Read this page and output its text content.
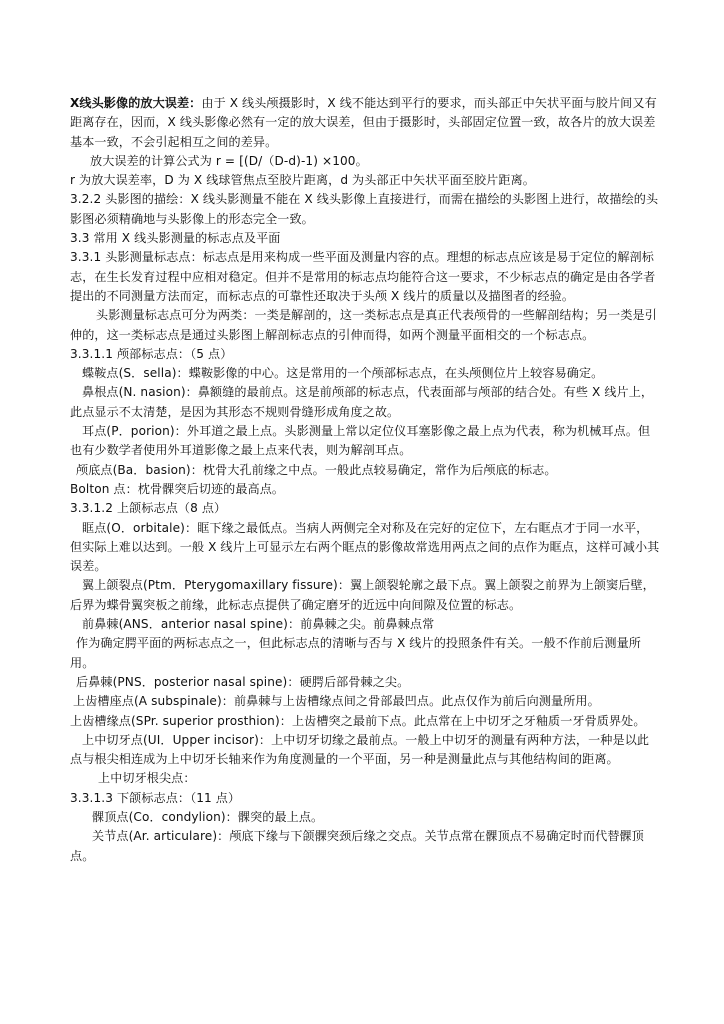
X线头影像的放大误差：由于 X 线头颅摄影时，X 线不能达到平行的要求，而头部正中矢状平面与胶片间又有距离存在，因而，X 线头影像必然有一定的放大误差，但由于摄影时，头部固定位置一致，故各片的放大误差基本一致，不会引起相互之间的差异。

放大误差的计算公式为 r = [(D/（D-d)-1) ×100。

r 为放大误差率，D 为 X 线球管焦点至胶片距离，d 为头部正中矢状平面至胶片距离。

3.2.2 头影图的描绘：X 线头影测量不能在 X 线头影像上直接进行，而需在描绘的头影图上进行，故描绘的头影图必须精确地与头影像上的形态完全一致。

3.3 常用 X 线头影测量的标志点及平面

3.3.1 头影测量标志点：标志点是用来构成一些平面及测量内容的点。理想的标志点应该是易于定位的解剖标志，在生长发育过程中应相对稳定。但并不是常用的标志点均能符合这一要求，不少标志点的确定是由各学者提出的不同测量方法而定，而标志点的可靠性还取决于头颅 X 线片的质量以及描图者的经验。

头影测量标志点可分为两类：一类是解剖的，这一类标志点是真正代表颅骨的一些解剖结构；另一类是引伸的，这一类标志点是通过头影图上解剖标志点的引伸而得，如两个测量平面相交的一个标志点。

3.3.1.1 颅部标志点：（5 点）

蝶鞍点(S．sella)：蝶鞍影像的中心。这是常用的一个颅部标志点，在头颅侧位片上较容易确定。

鼻根点(N. nasion)：鼻额缝的最前点。这是前颅部的标志点，代表面部与颅部的结合处。有些 X 线片上，此点显示不太清楚，是因为其形态不规则骨缝形成角度之故。

耳点(P．porion)：外耳道之最上点。头影测量上常以定位仪耳塞影像之最上点为代表，称为机械耳点。但也有少数学者使用外耳道影像之最上点来代表，则为解剖耳点。

颅底点(Ba．basion)：枕骨大孔前缘之中点。一般此点较易确定，常作为后颅底的标志。

Bolton 点：枕骨髁突后切迹的最高点。

3.3.1.2 上颌标志点（8 点）

眶点(O．orbitale)：眶下缘之最低点。当病人两侧完全对称及在完好的定位下，左右眶点才于同一水平，但实际上难以达到。一般 X 线片上可显示左右两个眶点的影像故常选用两点之间的点作为眶点，这样可减小其误差。

翼上颌裂点(Ptm．Pterygomaxillary fissure)：翼上颌裂轮廓之最下点。翼上颌裂之前界为上颌窦后壁，后界为蝶骨翼突板之前缘，此标志点提供了确定磨牙的近远中向间隙及位置的标志。

前鼻棘(ANS．anterior nasal spine)：前鼻棘之尖。前鼻棘点常

作为确定腭平面的两标志点之一，但此标志点的清晰与否与 X 线片的投照条件有关。一般不作前后测量所用。

后鼻棘(PNS．posterior nasal spine)：硬腭后部骨棘之尖。

上齿槽座点(A subspinale)：前鼻棘与上齿槽缘点间之骨部最凹点。此点仅作为前后向测量所用。

上齿槽缘点(SPr. superior prosthion)：上齿槽突之最前下点。此点常在上中切牙之牙釉质一牙骨质界处。

上中切牙点(UI．Upper incisor)：上中切牙切缘之最前点。一般上中切牙的测量有两种方法，一种是以此点与根尖相连成为上中切牙长轴来作为角度测量的一个平面，另一种是测量此点与其他结构间的距离。

上中切牙根尖点：

3.3.1.3 下颌标志点：（11 点）

髁顶点(Co．condylion)：髁突的最上点。

关节点(Ar. articulare)：颅底下缘与下颌髁突颈后缘之交点。关节点常在髁顶点不易确定时而代替髁顶点。
